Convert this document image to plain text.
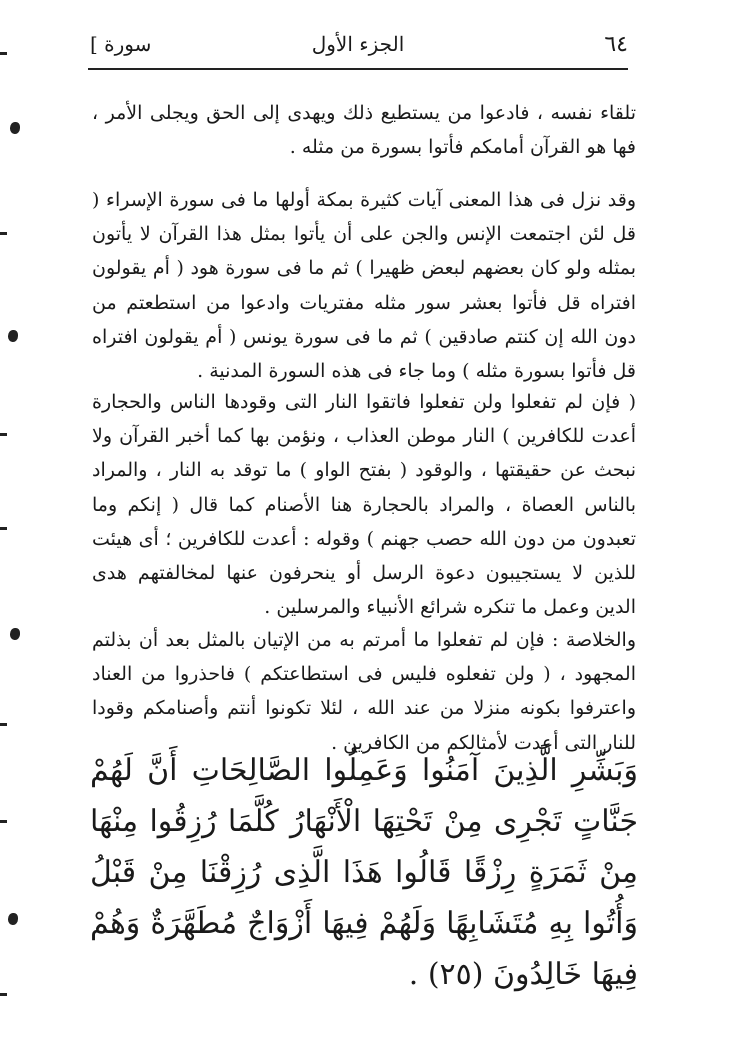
٦٤
الجزء الأول
سورة ]

تلقاء نفسه ، فادعوا من يستطيع ذلك ويهدى إلى الحق ويجلى الأمر ، فها هو القرآن أمامكم فأتوا بسورة من مثله .

وقد نزل فى هذا المعنى آيات كثيرة بمكة أولها ما فى سورة الإسراء ( قل لئن اجتمعت الإنس والجن على أن يأتوا بمثل هذا القرآن لا يأتون بمثله ولو كان بعضهم لبعض ظهيرا ) ثم ما فى سورة هود ( أم يقولون افتراه قل فأتوا بعشر سور مثله مفتريات وادعوا من استطعتم من دون الله إن كنتم صادقين ) ثم ما فى سورة يونس ( أم يقولون افتراه قل فأتوا بسورة مثله ) وما جاء فى هذه السورة المدنية .

( فإن لم تفعلوا ولن تفعلوا فاتقوا النار التى وقودها الناس والحجارة أعدت للكافرين ) النار موطن العذاب ، ونؤمن بها كما أخبر القرآن ولا نبحث عن حقيقتها ، والوقود ( بفتح الواو ) ما توقد به النار ، والمراد بالناس العصاة ، والمراد بالحجارة هنا الأصنام كما قال ( إنكم وما تعبدون من دون الله حصب جهنم ) وقوله : أعدت للكافرين ؛ أى هيئت للذين لا يستجيبون دعوة الرسل أو ينحرفون عنها لمخالفتهم هدى الدين وعمل ما تنكره شرائع الأنبياء والمرسلين .

والخلاصة : فإن لم تفعلوا ما أمرتم به من الإتيان بالمثل بعد أن بذلتم المجهود ، ( ولن تفعلوه فليس فى استطاعتكم ) فاحذروا من العناد واعترفوا بكونه منزلا من عند الله ، لئلا تكونوا أنتم وأصنامكم وقودا للنار التى أعدت لأمثالكم من الكافرين .

وَبَشِّرِ الَّذِينَ آمَنُوا وَعَمِلُوا الصَّالِحَاتِ أَنَّ لَهُمْ جَنَّاتٍ تَجْرِى مِنْ تَحْتِهَا الْأَنْهَارُ كُلَّمَا رُزِقُوا مِنْهَا مِنْ ثَمَرَةٍ رِزْقًا قَالُوا هَذَا الَّذِى رُزِقْنَا مِنْ قَبْلُ وَأُتُوا بِهِ مُتَشَابِهًا وَلَهُمْ فِيهَا أَزْوَاجٌ مُطَهَّرَةٌ وَهُمْ فِيهَا خَالِدُونَ (٢٥) .
